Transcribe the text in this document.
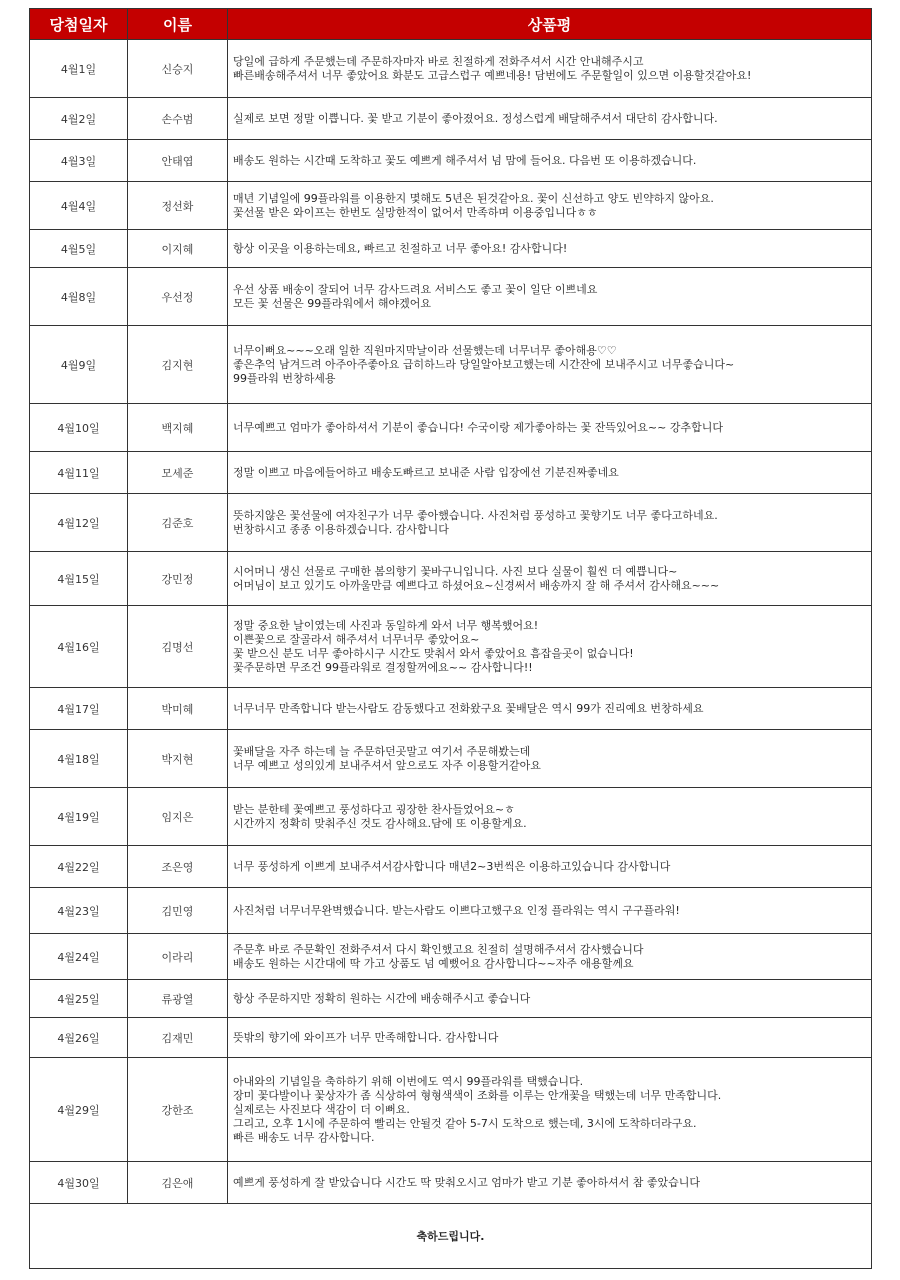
당첨일자	이름	상품평
4월1일	신승지	당일에 급하게 주문했는데 주문하자마자 바로 친절하게 전화주셔서 시간 안내해주시고
빠른배송해주셔서 너무 좋았어요 화분도 고급스럽구 예쁘네용! 담번에도 주문할일이 있으면 이용할것같아요!

4월2일	손수범	실제로 보면 정말 이쁩니다. 꽃 받고 기분이 좋아졌어요. 정성스럽게 배달해주셔서 대단히 감사합니다.

4월3일	안태엽	배송도 원하는 시간때 도착하고 꽃도 예쁘게 해주셔서 넘 맘에 들어요. 다음번 또 이용하겠습니다.

4월4일	정선화	매년 기념일에 99플라워를 이용한지 몇해도 5년은 된것같아요. 꽃이 신선하고 양도 빈약하지 않아요.
꽃선물 받은 와이프는 한번도 실망한적이 없어서 만족하며 이용중입니다ㅎㅎ

4월5일	이지혜	항상 이곳을 이용하는데요, 빠르고 친절하고 너무 좋아요! 감사합니다!

4월8일	우선정	우선 상품 배송이 잘되어 너무 감사드려요 서비스도 좋고 꽃이 일단 이쁘네요
모든 꽃 선물은 99플라워에서 해야겠어요

4월9일	김지현	너무이뻐요~~~오래 일한 직원마지막날이라 선물했는데 너무너무 좋아해용♡♡
좋은추억 남겨드려 아주아주좋아요 급히하느라 당일알아보고했는데 시간잔에 보내주시고 너무좋습니다~
99플라워 번창하세용

4월10일	백지혜	너무예쁘고 엄마가 좋아하셔서 기분이 좋습니다! 수국이랑 제가좋아하는 꽃 잔뜩있어요~~ 강추합니다

4월11일	모세준	정말 이쁘고 마음에들어하고 배송도빠르고 보내준 사람 입장에선 기분진짜좋네요

4월12일	김준호	뜻하지않은 꽃선물에 여자친구가 너무 좋아했습니다. 사진처럼 풍성하고 꽃향기도 너무 좋다고하네요.
번창하시고 종종 이용하겠습니다. 감사합니다

4월15일	강민정	시어머니 생신 선물로 구매한 봄의향기 꽃바구니입니다. 사진 보다 실물이 훨씬 더 예쁩니다~
어머님이 보고 있기도 아까울만큼 예쁘다고 하셨어요~신경써서 배송까지 잘 해 주셔서 감사해요~~~

4월16일	김명선	정말 중요한 날이였는데 사진과 동일하게 와서 너무 행복했어요!
이쁜꽃으로 잘골라서 해주셔서 너무너무 좋았어요~
꽃 받으신 분도 너무 좋아하시구 시간도 맞춰서 와서 좋았어요 흠잡을곳이 없습니다!
꽃주문하면 무조건 99플라워로 결정할꺼에요~~ 감사합니다!!

4월17일	박미혜	너무너무 만족합니다 받는사람도 감동했다고 전화왔구요 꽃배달은 역시 99가 진리예요 번창하세요

4월18일	박지현	꽃배달을 자주 하는데 늘 주문하던곳말고 여기서 주문해봤는데
너무 예쁘고 성의있게 보내주셔서 앞으로도 자주 이용할거같아요

4월19일	임지은	받는 분한테 꽃예쁘고 풍성하다고 굉장한 찬사들었어요~ㅎ
시간까지 정확히 맞춰주신 것도 감사해요.담에 또 이용할게요.

4월22일	조은영	너무 풍성하게 이쁘게 보내주셔서감사합니다 매년2~3번씩은 이용하고있습니다 감사합니다

4월23일	김민영	사진처럼 너무너무완벽했습니다. 받는사람도 이쁘다고했구요 인정 플라워는 역시 구구플라워!

4월24일	이라리	주문후 바로 주문확인 전화주셔서 다시 확인했고요 친절히 설명해주셔서 감사했습니다
배송도 원하는 시간대에 딱 가고 상품도 넘 예뻤어요 감사합니다~~자주 애용할께요

4월25일	류광열	항상 주문하지만 정확히 원하는 시간에 배송해주시고 좋습니다

4월26일	김재민	뜻밖의 향기에 와이프가 너무 만족해합니다. 감사합니다

4월29일	강한조	아내와의 기념일을 축하하기 위해 이번에도 역시 99플라워를 택했습니다.
장미 꽃다발이나 꽃상자가 좀 식상하여 형형색색이 조화를 이루는 안개꽃을 택했는데 너무 만족합니다.
실제로는 사진보다 색감이 더 이뻐요.
그리고, 오후 1시에 주문하여 빨리는 안될것 같아 5-7시 도착으로 했는데, 3시에 도착하더라구요.
빠른 배송도 너무 감사합니다.

4월30일	김은애	예쁘게 풍성하게 잘 받았습니다 시간도 딱 맞춰오시고 엄마가 받고 기분 좋아하셔서 참 좋았습니다

축하드립니다.		
